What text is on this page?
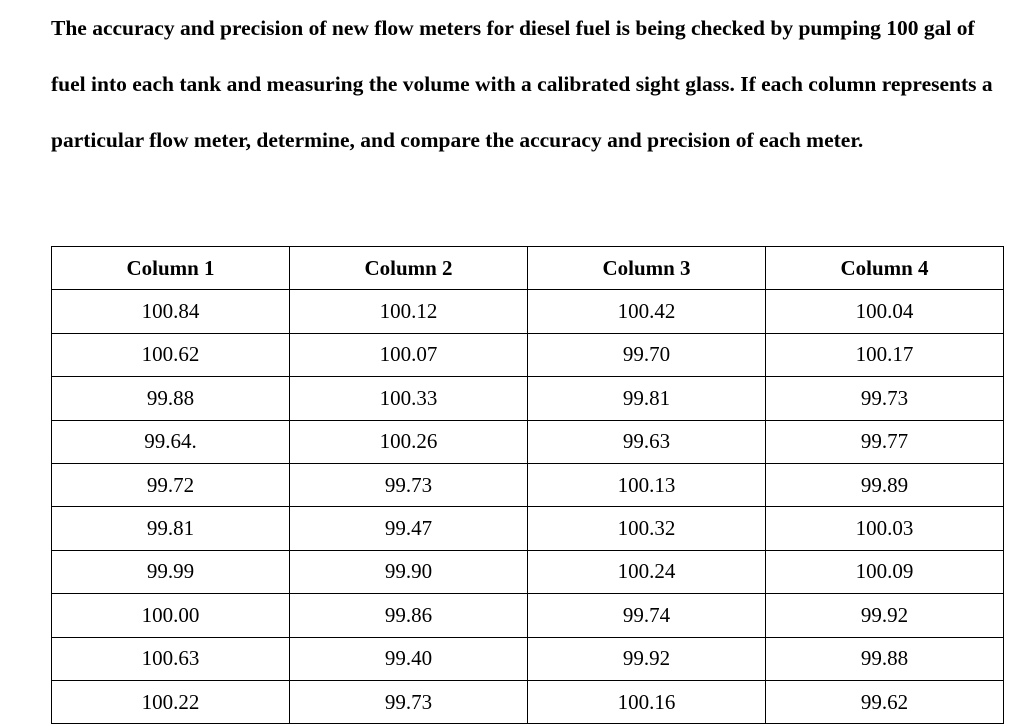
The accuracy and precision of new flow meters for diesel fuel is being checked by pumping 100 gal of fuel into each tank and measuring the volume with a calibrated sight glass. If each column represents a particular flow meter, determine, and compare the accuracy and precision of each meter.

Column 1	Column 2	Column 3	Column 4
100.84	100.12	100.42	100.04
100.62	100.07	99.70	100.17
99.88	100.33	99.81	99.73
99.64.	100.26	99.63	99.77
99.72	99.73	100.13	99.89
99.81	99.47	100.32	100.03
99.99	99.90	100.24	100.09
100.00	99.86	99.74	99.92
100.63	99.40	99.92	99.88
100.22	99.73	100.16	99.62
